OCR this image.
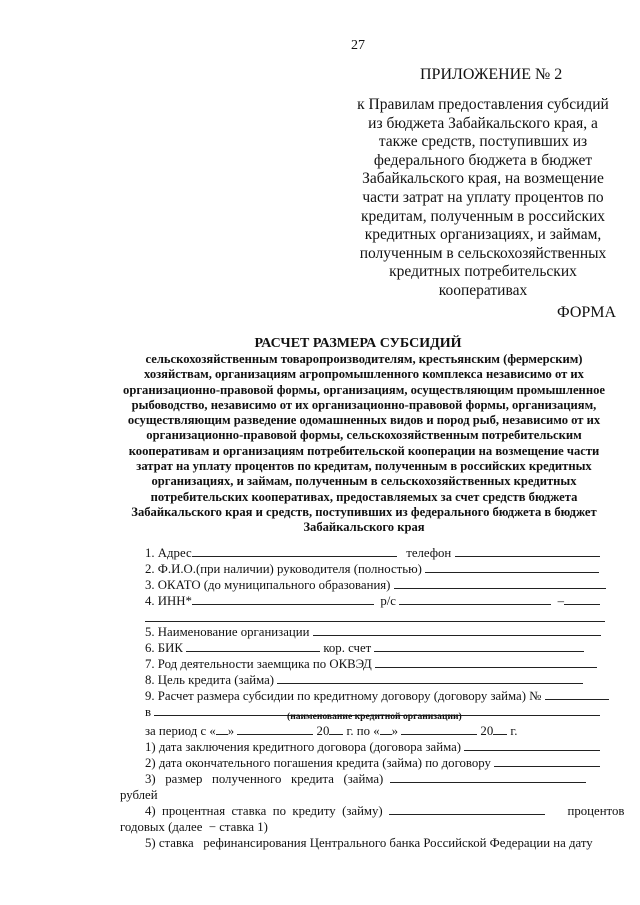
27
ПРИЛОЖЕНИЕ № 2
к Правилам предоставления субсидий
из бюджета Забайкальского края, а
также средств, поступивших из
федерального бюджета в бюджет
Забайкальского края, на возмещение
части затрат на уплату процентов по
кредитам, полученным в российских
кредитных организациях, и займам,
полученным в сельскохозяйственных
кредитных потребительских
кооперативах
ФОРМА
РАСЧЕТ РАЗМЕРА СУБСИДИЙ
сельскохозяйственным товаропроизводителям, крестьянским (фермерским)
хозяйствам, организациям агропромышленного комплекса независимо от их
организационно-правовой формы, организациям, осуществляющим промышленное
рыбоводство, независимо от их организационно-правовой формы, организациям,
осуществляющим разведение одомашненных видов и пород рыб, независимо от их
организационно-правовой формы, сельскохозяйственным потребительским
кооперативам и организациям потребительской кооперации на возмещение части
затрат на уплату процентов по кредитам, полученным в российских кредитных
организациях, и займам, полученным в сельскохозяйственных кредитных
потребительских кооперативах, предоставляемых за счет средств бюджета
Забайкальского края и средств, поступивших из федерального бюджета в бюджет
Забайкальского края
1. Адрес	телефон
2. Ф.И.О.(при наличии) руководителя (полностью)
3. ОКАТО (до муниципального образования)
4. ИНН*	р/с	–
5. Наименование организации
6. БИК	кор. счет
7. Род деятельности заемщика по ОКВЭД
8. Цель кредита (займа)
9. Расчет размера субсидии по кредитному договору (договору займа) №
в	(наименование кредитной организации)
за период с « »	20 г. по « »	20 г.
1) дата заключения кредитного договора (договора займа)
2) дата окончательного погашения кредита (займа) по договору
3)   размер   полученного   кредита   (займа)
рублей
4)  процентная  ставка  по  кредиту  (займу)	процентов
годовых (далее  − ставка 1)
5) ставка   рефинансирования Центрального банка Российской Федерации на дату
